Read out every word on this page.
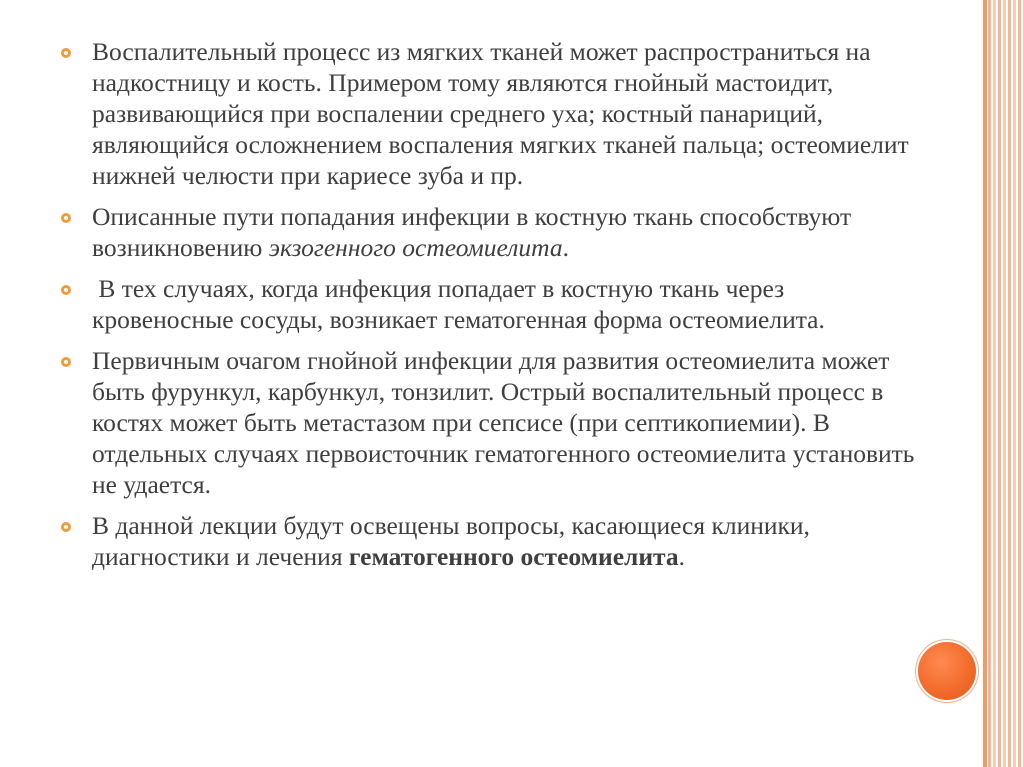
Воспалительный процесс из мягких тканей может распространиться на надкостницу и кость. Примером тому являются гнойный мастоидит, развивающийся при воспалении среднего уха; костный панариций, являющийся осложнением воспаления мягких тканей пальца; остеомиелит нижней челюсти при кариесе зуба и пр.

Описанные пути попадания инфекции в костную ткань способствуют возникновению экзогенного остеомиелита.

В тех случаях, когда инфекция попадает в костную ткань через кровеносные сосуды, возникает гематогенная форма остеомиелита.

Первичным очагом гнойной инфекции для развития остеомиелита может быть фурункул, карбункул, тонзилит. Острый воспалительный процесс в костях может быть метастазом при сепсисе (при септикопиемии). В отдельных случаях первоисточник гематогенного остеомиелита установить не удается.

В данной лекции будут освещены вопросы, касающиеся клиники, диагностики и лечения гематогенного остеомиелита.
